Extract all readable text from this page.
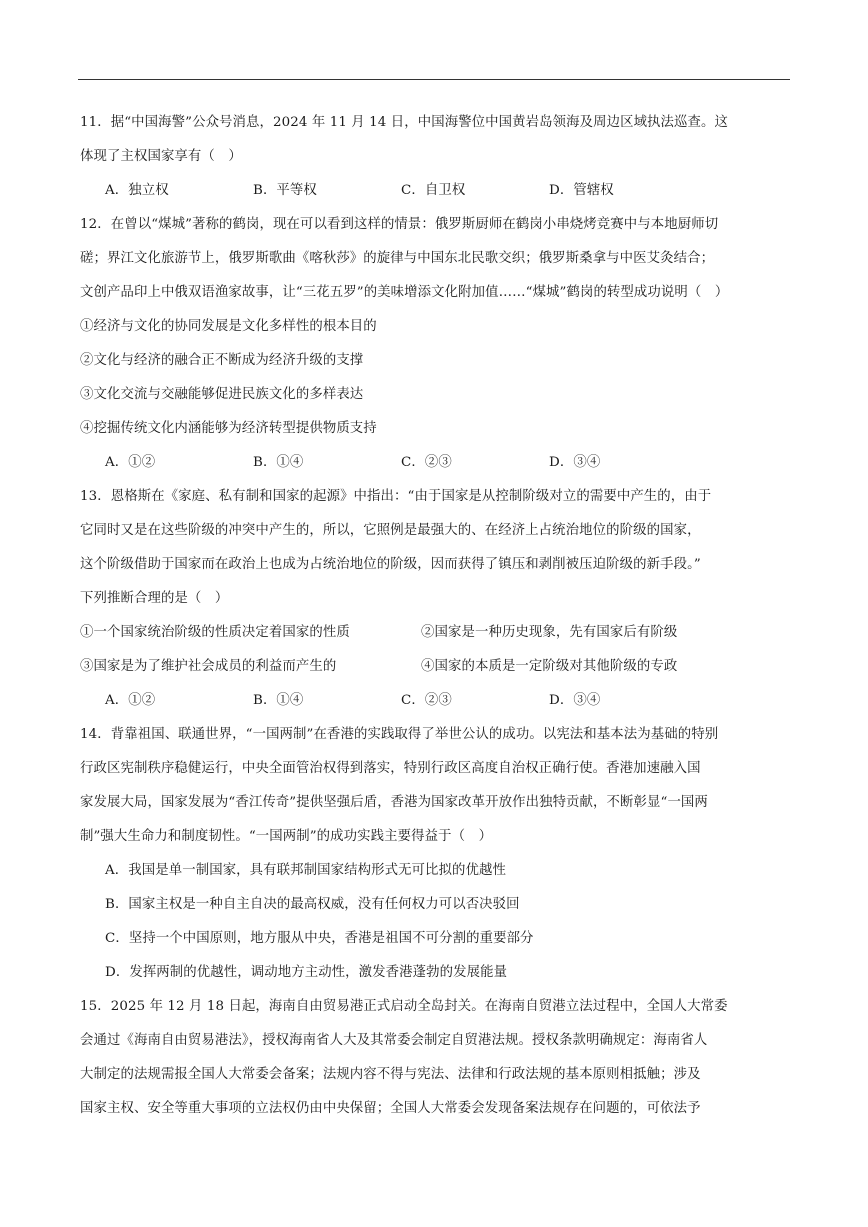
11．据“中国海警”公众号消息，2024 年 11 月 14 日，中国海警位中国黄岩岛领海及周边区域执法巡查。这
体现了主权国家享有（　）
A．独立权	B．平等权	C．自卫权	D．管辖权
12．在曾以“煤城”著称的鹤岗，现在可以看到这样的情景：俄罗斯厨师在鹤岗小串烧烤竞赛中与本地厨师切
磋；界江文化旅游节上，俄罗斯歌曲《喀秋莎》的旋律与中国东北民歌交织；俄罗斯桑拿与中医艾灸结合；
文创产品印上中俄双语渔家故事，让“三花五罗”的美味增添文化附加值……“煤城”鹤岗的转型成功说明（　）
①经济与文化的协同发展是文化多样性的根本目的
②文化与经济的融合正不断成为经济升级的支撑
③文化交流与交融能够促进民族文化的多样表达
④挖掘传统文化内涵能够为经济转型提供物质支持
A．①②	B．①④	C．②③	D．③④
13．恩格斯在《家庭、私有制和国家的起源》中指出：“由于国家是从控制阶级对立的需要中产生的，由于
它同时又是在这些阶级的冲突中产生的，所以，它照例是最强大的、在经济上占统治地位的阶级的国家，
这个阶级借助于国家而在政治上也成为占统治地位的阶级，因而获得了镇压和剥削被压迫阶级的新手段。”
下列推断合理的是（　）
①一个国家统治阶级的性质决定着国家的性质	②国家是一种历史现象，先有国家后有阶级
③国家是为了维护社会成员的利益而产生的	④国家的本质是一定阶级对其他阶级的专政
A．①②	B．①④	C．②③	D．③④
14．背靠祖国、联通世界，“一国两制”在香港的实践取得了举世公认的成功。以宪法和基本法为基础的特别
行政区宪制秩序稳健运行，中央全面管治权得到落实，特别行政区高度自治权正确行使。香港加速融入国
家发展大局，国家发展为“香江传奇”提供坚强后盾，香港为国家改革开放作出独特贡献，不断彰显“一国两
制”强大生命力和制度韧性。“一国两制”的成功实践主要得益于（　）
A．我国是单一制国家，具有联邦制国家结构形式无可比拟的优越性
B．国家主权是一种自主自决的最高权威，没有任何权力可以否决驳回
C．坚持一个中国原则，地方服从中央，香港是祖国不可分割的重要部分
D．发挥两制的优越性，调动地方主动性，激发香港蓬勃的发展能量
15．2025 年 12 月 18 日起，海南自由贸易港正式启动全岛封关。在海南自贸港立法过程中，全国人大常委
会通过《海南自由贸易港法》，授权海南省人大及其常委会制定自贸港法规。授权条款明确规定：海南省人
大制定的法规需报全国人大常委会备案；法规内容不得与宪法、法律和行政法规的基本原则相抵触；涉及
国家主权、安全等重大事项的立法权仍由中央保留；全国人大常委会发现备案法规存在问题的，可依法予
